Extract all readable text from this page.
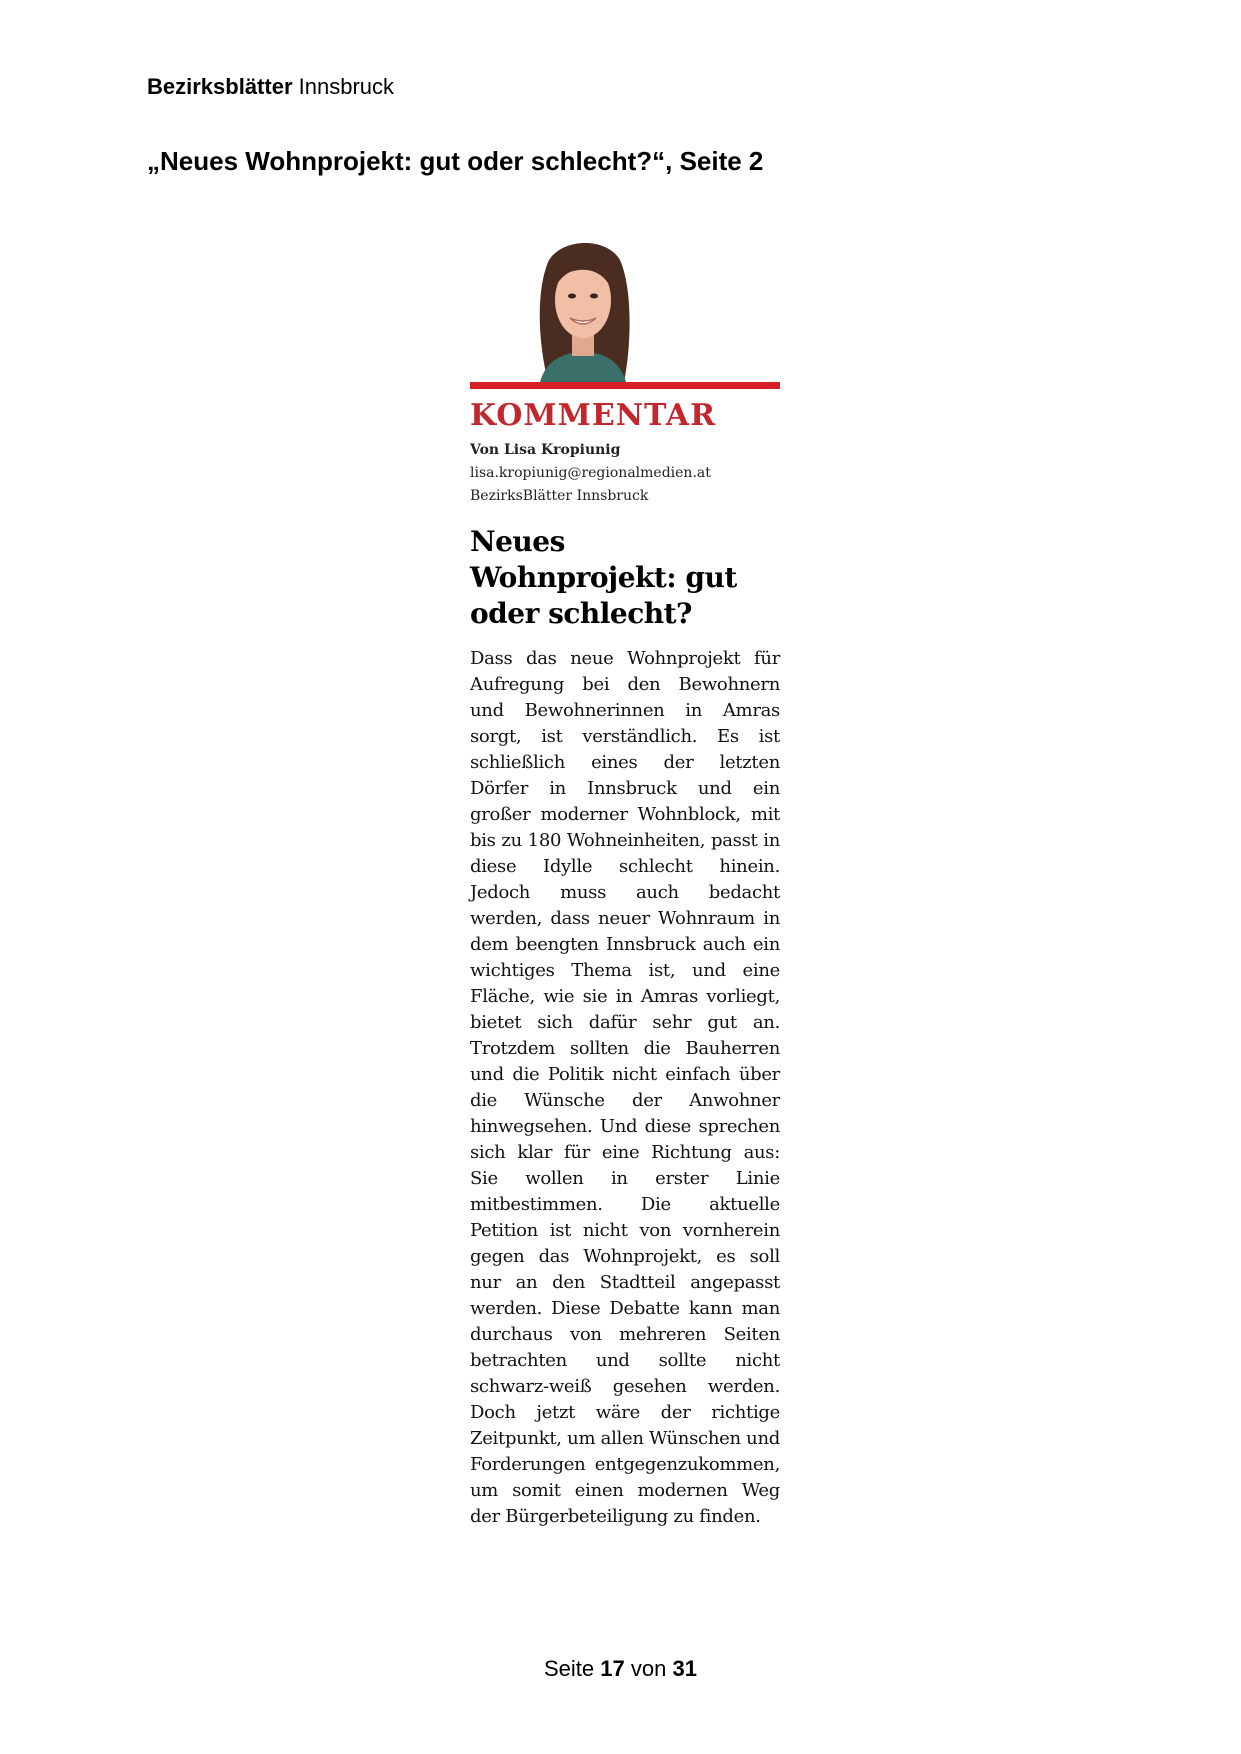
Bezirksblätter Innsbruck
„Neues Wohnprojekt: gut oder schlecht?“, Seite 2
KOMMENTAR
Von Lisa Kropiunig
lisa.kropiunig@regionalmedien.at
BezirksBlätter Innsbruck
Neues Wohnprojekt: gut oder schlecht?
Dass das neue Wohnprojekt für Aufregung bei den Bewohnern und Bewohnerinnen in Amras sorgt, ist verständlich. Es ist schließlich eines der letzten Dörfer in Innsbruck und ein großer moderner Wohnblock, mit bis zu 180 Wohneinheiten, passt in diese Idylle schlecht hinein. Jedoch muss auch bedacht werden, dass neuer Wohnraum in dem beengten Innsbruck auch ein wichtiges Thema ist, und eine Fläche, wie sie in Amras vorliegt, bietet sich dafür sehr gut an. Trotzdem sollten die Bauherren und die Politik nicht einfach über die Wünsche der Anwohner hinwegsehen. Und diese sprechen sich klar für eine Richtung aus: Sie wollen in erster Linie mitbestimmen. Die aktuelle Petition ist nicht von vornherein gegen das Wohnprojekt, es soll nur an den Stadtteil angepasst werden. Diese Debatte kann man durchaus von mehreren Seiten betrachten und sollte nicht schwarz-weiß gesehen werden. Doch jetzt wäre der richtige Zeitpunkt, um allen Wünschen und Forderungen entgegenzukommen, um somit einen modernen Weg der Bürgerbeteiligung zu finden.
Seite 17 von 31
